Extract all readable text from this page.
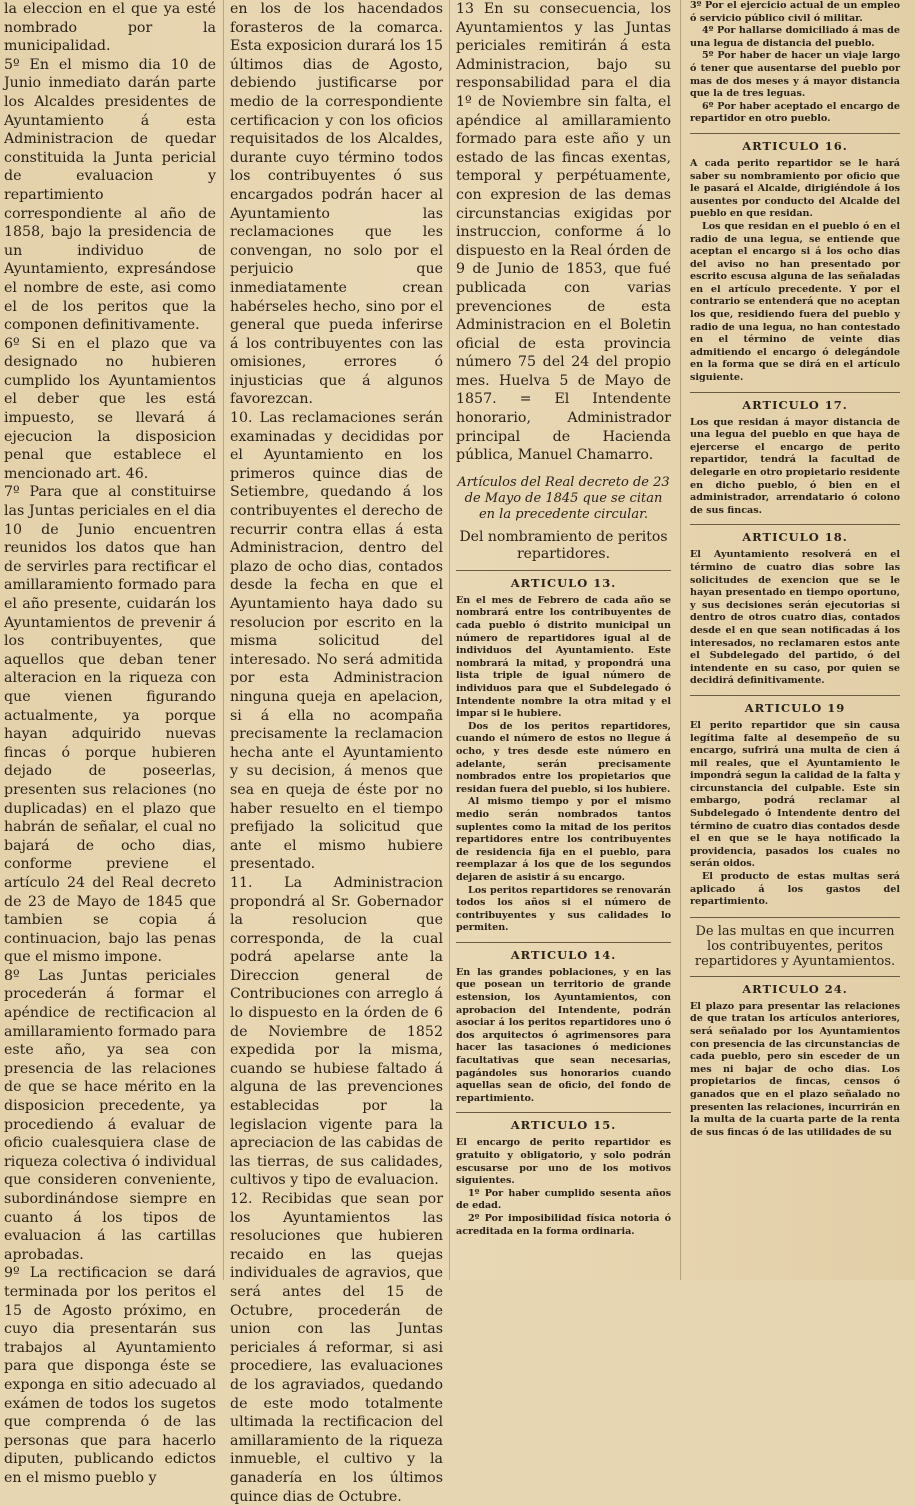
la eleccion en el que ya esté nombrado por la municipalidad.

5º En el mismo dia 10 de Junio inmediato darán parte los Alcaldes presidentes de Ayuntamiento á esta Administracion de quedar constituida la Junta pericial de evaluacion y repartimiento correspondiente al año de 1858, bajo la presidencia de un individuo de Ayuntamiento, expresándose el nombre de este, asi como el de los peritos que la componen definitivamente.

6º Si en el plazo que va designado no hubieren cumplido los Ayuntamientos el deber que les está impuesto, se llevará á ejecucion la disposicion penal que establece el mencionado art. 46.

7º Para que al constituirse las Juntas periciales en el dia 10 de Junio encuentren reunidos los datos que han de servirles para rectificar el amillaramiento formado para el año presente, cuidarán los Ayuntamientos de prevenir á los contribuyentes, que aquellos que deban tener alteracion en la riqueza con que vienen figurando actualmente, ya porque hayan adquirido nuevas fincas ó porque hubieren dejado de poseerlas, presenten sus relaciones (no duplicadas) en el plazo que habrán de señalar, el cual no bajará de ocho dias, conforme previene el artículo 24 del Real decreto de 23 de Mayo de 1845 que tambien se copia á continuacion, bajo las penas que el mismo impone.

8º Las Juntas periciales procederán á formar el apéndice de rectificacion al amillaramiento formado para este año, ya sea con presencia de las relaciones de que se hace mérito en la disposicion precedente, ya procediendo á evaluar de oficio cualesquiera clase de riqueza colectiva ó individual que consideren conveniente, subordinándose siempre en cuanto á los tipos de evaluacion á las cartillas aprobadas.

9º La rectificacion se dará terminada por los peritos el 15 de Agosto próximo, en cuyo dia presentarán sus trabajos al Ayuntamiento para que disponga éste se exponga en sitio adecuado al exámen de todos los sugetos que comprenda ó de las personas que para hacerlo diputen, publicando edictos en el mismo pueblo y

en los de los hacendados forasteros de la comarca. Esta exposicion durará los 15 últimos dias de Agosto, debiendo justificarse por medio de la correspondiente certificacion y con los oficios requisitados de los Alcaldes, durante cuyo término todos los contribuyentes ó sus encargados podrán hacer al Ayuntamiento las reclamaciones que les convengan, no solo por el perjuicio que inmediatamente crean habérseles hecho, sino por el general que pueda inferirse á los contribuyentes con las omisiones, errores ó injusticias que á algunos favorezcan.

10. Las reclamaciones serán examinadas y decididas por el Ayuntamiento en los primeros quince dias de Setiembre, quedando á los contribuyentes el derecho de recurrir contra ellas á esta Administracion, dentro del plazo de ocho dias, contados desde la fecha en que el Ayuntamiento haya dado su resolucion por escrito en la misma solicitud del interesado. No será admitida por esta Administracion ninguna queja en apelacion, si á ella no acompaña precisamente la reclamacion hecha ante el Ayuntamiento y su decision, á menos que sea en queja de éste por no haber resuelto en el tiempo prefijado la solicitud que ante el mismo hubiere presentado.

11. La Administracion propondrá al Sr. Gobernador la resolucion que corresponda, de la cual podrá apelarse ante la Direccion general de Contribuciones con arreglo á lo dispuesto en la órden de 6 de Noviembre de 1852 expedida por la misma, cuando se hubiese faltado á alguna de las prevenciones establecidas por la legislacion vigente para la apreciacion de las cabidas de las tierras, de sus calidades, cultivos y tipo de evaluacion.

12. Recibidas que sean por los Ayuntamientos las resoluciones que hubieren recaido en las quejas individuales de agravios, que será antes del 15 de Octubre, procederán de union con las Juntas periciales á reformar, si asi procediere, las evaluaciones de los agraviados, quedando de este modo totalmente ultimada la rectificacion del amillaramiento de la riqueza inmueble, el cultivo y la ganadería en los últimos quince dias de Octubre.

13 En su consecuencia, los Ayuntamientos y las Juntas periciales remitirán á esta Administracion, bajo su responsabilidad para el dia 1º de Noviembre sin falta, el apéndice al amillaramiento formado para este año y un estado de las fincas exentas, temporal y perpétuamente, con expresion de las demas circunstancias exigidas por instruccion, conforme á lo dispuesto en la Real órden de 9 de Junio de 1853, que fué publicada con varias prevenciones de esta Administracion en el Boletin oficial de esta provincia número 75 del 24 del propio mes. Huelva 5 de Mayo de 1857. = El Intendente honorario, Administrador principal de Hacienda pública, Manuel Chamarro.

Artículos del Real decreto de 23 de Mayo de 1845 que se citan en la precedente circular.

Del nombramiento de peritos repartidores.
ARTICULO 13.

En el mes de Febrero de cada año se nombrará entre los contribuyentes de cada pueblo ó distrito municipal un número de repartidores igual al de individuos del Ayuntamiento. Este nombrará la mitad, y propondrá una lista triple de igual número de individuos para que el Subdelegado ó Intendente nombre la otra mitad y el impar si le hubiere.

Dos de los peritos repartidores, cuando el número de estos no llegue á ocho, y tres desde este número en adelante, serán precisamente nombrados entre los propietarios que residan fuera del pueblo, si los hubiere.

Al mismo tiempo y por el mismo medio serán nombrados tantos suplentes como la mitad de los peritos repartidores entre los contribuyentes de residencia fija en el pueblo, para reemplazar á los que de los segundos dejaren de asistir á su encargo.

Los peritos repartidores se renovarán todos los años si el número de contribuyentes y sus calidades lo permiten.

ARTICULO 14.

En las grandes poblaciones, y en las que posean un territorio de grande estension, los Ayuntamientos, con aprobacion del Intendente, podrán asociar á los peritos repartidores uno ó dos arquitectos ó agrimensores para hacer las tasaciones ó mediciones facultativas que sean necesarias, pagándoles sus honorarios cuando aquellas sean de oficio, del fondo de repartimiento.

ARTICULO 15.

El encargo de perito repartidor es gratuito y obligatorio, y solo podrán escusarse por uno de los motivos siguientes.

1º Por haber cumplido sesenta años de edad.

2º Por imposibilidad física notoria ó acreditada en la forma ordinaria.

3º Por el ejercicio actual de un empleo ó servicio público civil ó militar.

4º Por hallarse domiciliado á mas de una legua de distancia del pueblo.

5º Por haber de hacer un viaje largo ó tener que ausentarse del pueblo por mas de dos meses y á mayor distancia que la de tres leguas.

6º Por haber aceptado el encargo de repartidor en otro pueblo.

ARTICULO 16.

A cada perito repartidor se le hará saber su nombramiento por oficio que le pasará el Alcalde, dirigiéndole á los ausentes por conducto del Alcalde del pueblo en que residan.

Los que residan en el pueblo ó en el radio de una legua, se entiende que aceptan el encargo si á los ocho dias del aviso no han presentado por escrito escusa alguna de las señaladas en el artículo precedente. Y por el contrario se entenderá que no aceptan los que, residiendo fuera del pueblo y radio de una legua, no han contestado en el término de veinte dias admitiendo el encargo ó delegándole en la forma que se dirá en el artículo siguiente.

ARTICULO 17.

Los que residan á mayor distancia de una legua del pueblo en que haya de ejercerse el encargo de perito repartidor, tendrá la facultad de delegarle en otro propietario residente en dicho pueblo, ó bien en el administrador, arrendatario ó colono de sus fincas.

ARTICULO 18.

El Ayuntamiento resolverá en el término de cuatro dias sobre las solicitudes de exencion que se le hayan presentado en tiempo oportuno, y sus decisiones serán ejecutorias si dentro de otros cuatro dias, contados desde el en que sean notificadas á los interesados, no reclamaren estos ante el Subdelegado del partido, ó del intendente en su caso, por quien se decidirá definitivamente.

ARTICULO 19

El perito repartidor que sin causa legítima falte al desempeño de su encargo, sufrirá una multa de cien á mil reales, que el Ayuntamiento le impondrá segun la calidad de la falta y circunstancia del culpable. Este sin embargo, podrá reclamar al Subdelegado ó Intendente dentro del término de cuatro dias contados desde el en que se le haya notificado la providencia, pasados los cuales no serán oidos.

El producto de estas multas será aplicado á los gastos del repartimiento.

De las multas en que incurren los contribuyentes, peritos repartidores y Ayuntamientos.
ARTICULO 24.

El plazo para presentar las relaciones de que tratan los artículos anteriores, será señalado por los Ayuntamientos con presencia de las circunstancias de cada pueblo, pero sin esceder de un mes ni bajar de ocho dias. Los propietarios de fincas, censos ó ganados que en el plazo señalado no presenten las relaciones, incurrirán en la multa de la cuarta parte de la renta de sus fincas ó de las utilidades de su
